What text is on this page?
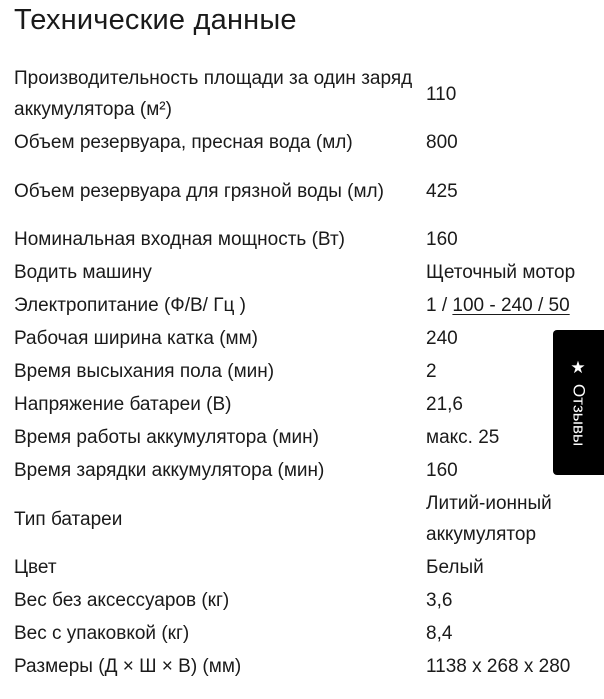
Технические данные
Производительность площади за один заряд аккумулятора (м²)	110
Объем резервуара, пресная вода (мл)	800
Объем резервуара для грязной воды (мл)	425
Номинальная входная мощность (Вт)	160
Водить машину	Щеточный мотор
Электропитание (Ф/В/ Гц )	1 / 100 - 240 / 50
Рабочая ширина катка (мм)	240
Время высыхания пола (мин)	2
Напряжение батареи (В)	21,6
Время работы аккумулятора (мин)	макс. 25
Время зарядки аккумулятора (мин)	160
Тип батареи	Литий-ионный аккумулятор
Цвет	Белый
Вес без аксессуаров (кг)	3,6
Вес с упаковкой (кг)	8,4
Размеры (Д × Ш × В) (мм)	1138 x 268 x 280
★
Отзывы
